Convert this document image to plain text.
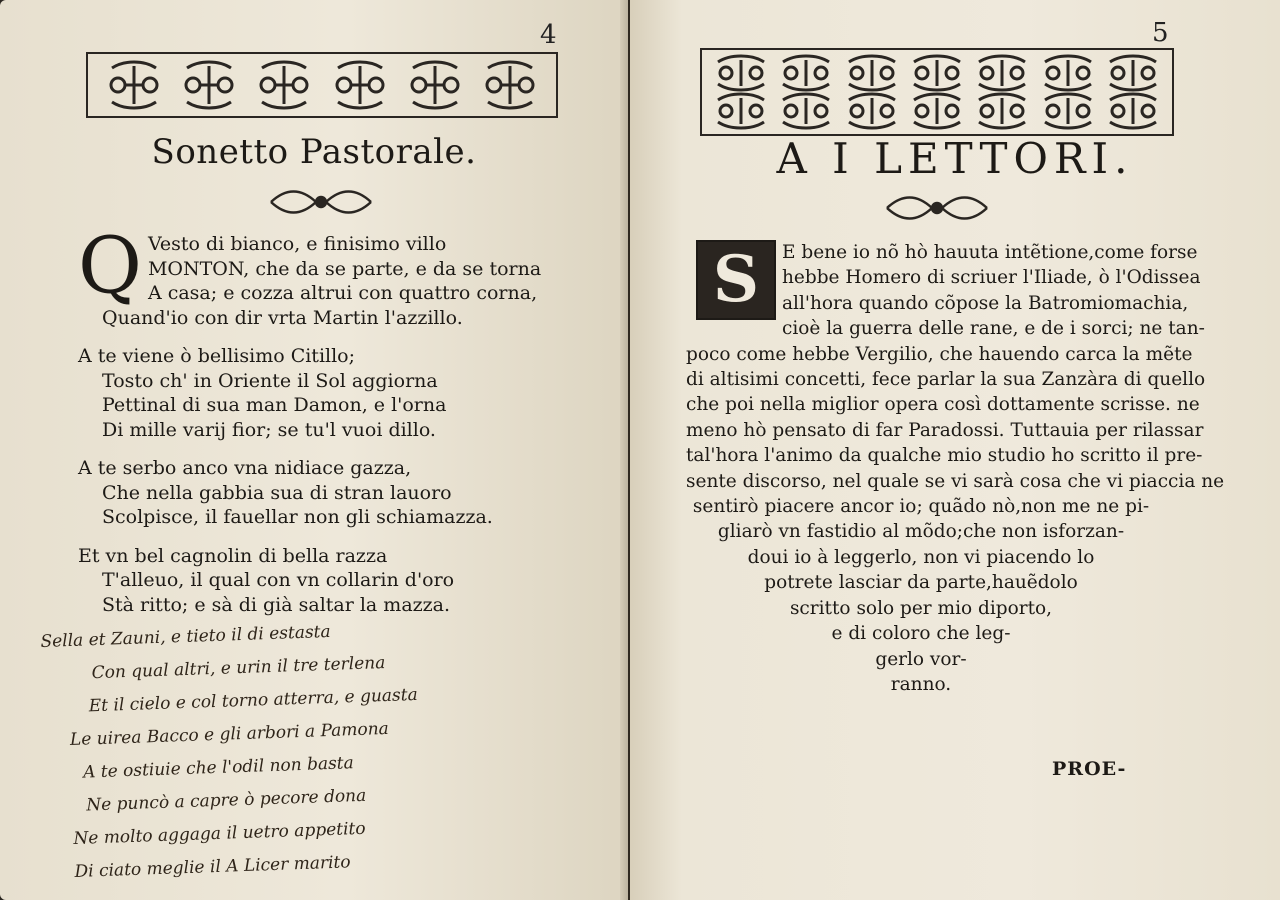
4
Sonetto Pastorale.
Q Vesto di bianco, e finisimo villo
MONTON, che da se parte, e da se torna
A casa; e cozza altrui con quattro corna,
Quand'io con dir vrta Martin l'azzillo.
A te viene ò bellisimo Citillo;
Tosto ch' in Oriente il Sol aggiorna
Pettinal di sua man Damon, e l'orna
Di mille varij fior; se tu'l vuoi dillo.
A te serbo anco vna nidiace gazza,
Che nella gabbia sua di stran lauoro
Scolpisce, il fauellar non gli schiamazza.
Et vn bel cagnolin di bella razza
T'alleuo, il qual con vn collarin d'oro
Stà ritto; e sà di già saltar la mazza.
Sella et Zauni, e tieto il di estasta
Con qual altri, e urin il tre terlena
Et il cielo e col torno atterra, e guasta
Le uirea Bacco e gli arbori a Pamona
A te ostiuie che l'odil non basta
Ne puncò a capre ò pecore dona
Ne molto aggaga il uetro appetito
Di ciato meglie il A Licer marito
5
A I LETTORI.
S	E bene io nõ hò hauuta intẽtione,come forse
hebbe Homero di scriuer l'Iliade, ò l'Odissea
all'hora quando cõpose la Batromiomachia,
cioè la guerra delle rane, e de i sorci; ne tan-
poco come hebbe Vergilio, che hauendo carca la mẽte
di altisimi concetti, fece parlar la sua Zanzàra di quello
che poi nella miglior opera così dottamente scrisse. ne
meno hò pensato di far Paradossi. Tuttauia per rilassar
tal'hora l'animo da qualche mio studio ho scritto il pre-
sente discorso, nel quale se vi sarà cosa che vi piaccia ne
sentirò piacere ancor io; quãdo nò,non me ne pi-
gliarò vn fastidio al mõdo;che non isforzan-
doui io à leggerlo, non vi piacendo lo
potrete lasciar da parte,hauẽdolo
scritto solo per mio diporto,
e di coloro che leg-
gerlo vor-
ranno.
PROE-
